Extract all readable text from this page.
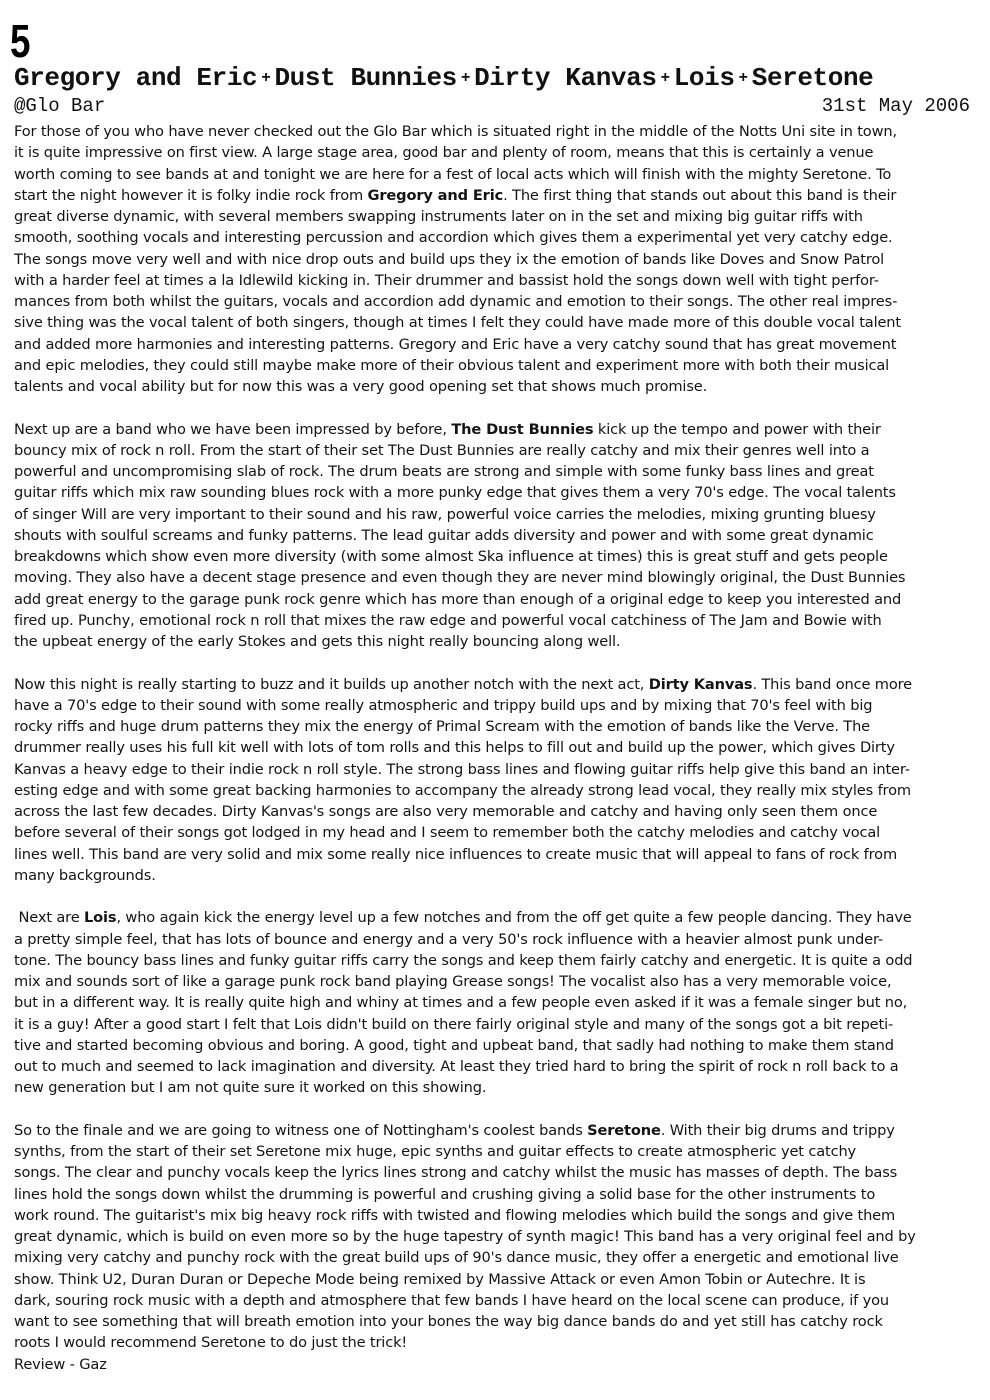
5
Gregory and Eric + Dust Bunnies + Dirty Kanvas + Lois + Seretone
@Glo Bar	31st May 2006
For those of you who have never checked out the Glo Bar which is situated right in the middle of the Notts Uni site in town,
it is quite impressive on first view. A large stage area, good bar and plenty of room, means that this is certainly a venue
worth coming to see bands at and tonight we are here for a fest of local acts which will finish with the mighty Seretone. To
start the night however it is folky indie rock from Gregory and Eric. The first thing that stands out about this band is their
great diverse dynamic, with several members swapping instruments later on in the set and mixing big guitar riffs with
smooth, soothing vocals and interesting percussion and accordion which gives them a experimental yet very catchy edge.
The songs move very well and with nice drop outs and build ups they ix the emotion of bands like Doves and Snow Patrol
with a harder feel at times a la Idlewild kicking in. Their drummer and bassist hold the songs down well with tight perfor-
mances from both whilst the guitars, vocals and accordion add dynamic and emotion to their songs. The other real impres-
sive thing was the vocal talent of both singers, though at times I felt they could have made more of this double vocal talent
and added more harmonies and interesting patterns. Gregory and Eric have a very catchy sound that has great movement
and epic melodies, they could still maybe make more of their obvious talent and experiment more with both their musical
talents and vocal ability but for now this was a very good opening set that shows much promise.
Next up are a band who we have been impressed by before, The Dust Bunnies kick up the tempo and power with their
bouncy mix of rock n roll. From the start of their set The Dust Bunnies are really catchy and mix their genres well into a
powerful and uncompromising slab of rock. The drum beats are strong and simple with some funky bass lines and great
guitar riffs which mix raw sounding blues rock with a more punky edge that gives them a very 70's edge. The vocal talents
of singer Will are very important to their sound and his raw, powerful voice carries the melodies, mixing grunting bluesy
shouts with soulful screams and funky patterns. The lead guitar adds diversity and power and with some great dynamic
breakdowns which show even more diversity (with some almost Ska influence at times) this is great stuff and gets people
moving. They also have a decent stage presence and even though they are never mind blowingly original, the Dust Bunnies
add great energy to the garage punk rock genre which has more than enough of a original edge to keep you interested and
fired up. Punchy, emotional rock n roll that mixes the raw edge and powerful vocal catchiness of The Jam and Bowie with
the upbeat energy of the early Stokes and gets this night really bouncing along well.
Now this night is really starting to buzz and it builds up another notch with the next act, Dirty Kanvas. This band once more
have a 70's edge to their sound with some really atmospheric and trippy build ups and by mixing that 70's feel with big
rocky riffs and huge drum patterns they mix the energy of Primal Scream with the emotion of bands like the Verve. The
drummer really uses his full kit well with lots of tom rolls and this helps to fill out and build up the power, which gives Dirty
Kanvas a heavy edge to their indie rock n roll style. The strong bass lines and flowing guitar riffs help give this band an inter-
esting edge and with some great backing harmonies to accompany the already strong lead vocal, they really mix styles from
across the last few decades. Dirty Kanvas's songs are also very memorable and catchy and having only seen them once
before several of their songs got lodged in my head and I seem to remember both the catchy melodies and catchy vocal
lines well. This band are very solid and mix some really nice influences to create music that will appeal to fans of rock from
many backgrounds.
Next are Lois, who again kick the energy level up a few notches and from the off get quite a few people dancing. They have
a pretty simple feel, that has lots of bounce and energy and a very 50's rock influence with a heavier almost punk under-
tone. The bouncy bass lines and funky guitar riffs carry the songs and keep them fairly catchy and energetic. It is quite a odd
mix and sounds sort of like a garage punk rock band playing Grease songs! The vocalist also has a very memorable voice,
but in a different way. It is really quite high and whiny at times and a few people even asked if it was a female singer but no,
it is a guy! After a good start I felt that Lois didn't build on there fairly original style and many of the songs got a bit repeti-
tive and started becoming obvious and boring. A good, tight and upbeat band, that sadly had nothing to make them stand
out to much and seemed to lack imagination and diversity. At least they tried hard to bring the spirit of rock n roll back to a
new generation but I am not quite sure it worked on this showing.
So to the finale and we are going to witness one of Nottingham's coolest bands Seretone. With their big drums and trippy
synths, from the start of their set Seretone mix huge, epic synths and guitar effects to create atmospheric yet catchy
songs. The clear and punchy vocals keep the lyrics lines strong and catchy whilst the music has masses of depth. The bass
lines hold the songs down whilst the drumming is powerful and crushing giving a solid base for the other instruments to
work round. The guitarist's mix big heavy rock riffs with twisted and flowing melodies which build the songs and give them
great dynamic, which is build on even more so by the huge tapestry of synth magic! This band has a very original feel and by
mixing very catchy and punchy rock with the great build ups of 90's dance music, they offer a energetic and emotional live
show. Think U2, Duran Duran or Depeche Mode being remixed by Massive Attack or even Amon Tobin or Autechre. It is
dark, souring rock music with a depth and atmosphere that few bands I have heard on the local scene can produce, if you
want to see something that will breath emotion into your bones the way big dance bands do and yet still has catchy rock
roots I would recommend Seretone to do just the trick!
Review - Gaz
